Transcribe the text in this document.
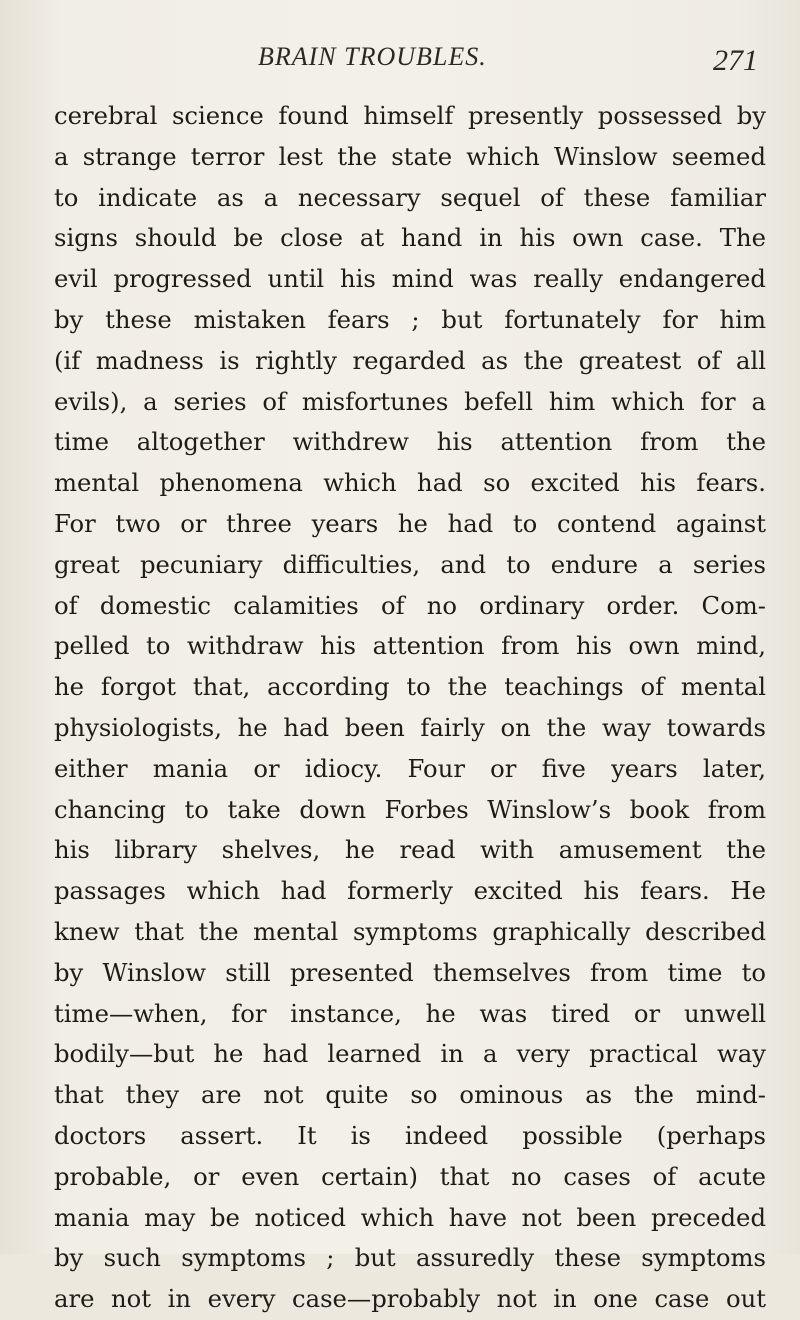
BRAIN TROUBLES.	271
cerebral science found himself presently possessed by
a strange terror lest the state which Winslow seemed
to indicate as a necessary sequel of these familiar
signs should be close at hand in his own case. The
evil progressed until his mind was really endangered
by these mistaken fears ; but fortunately for him
(if madness is rightly regarded as the greatest of all
evils), a series of misfortunes befell him which for a
time altogether withdrew his attention from the
mental phenomena which had so excited his fears.
For two or three years he had to contend against
great pecuniary difficulties, and to endure a series
of domestic calamities of no ordinary order. Com-
pelled to withdraw his attention from his own mind,
he forgot that, according to the teachings of mental
physiologists, he had been fairly on the way towards
either mania or idiocy. Four or five years later,
chancing to take down Forbes Winslow’s book from
his library shelves, he read with amusement the
passages which had formerly excited his fears. He
knew that the mental symptoms graphically described
by Winslow still presented themselves from time to
time—when, for instance, he was tired or unwell
bodily—but he had learned in a very practical way
that they are not quite so ominous as the mind-
doctors assert. It is indeed possible (perhaps
probable, or even certain) that no cases of acute
mania may be noticed which have not been preceded
by such symptoms ; but assuredly these symptoms
are not in every case—probably not in one case out
